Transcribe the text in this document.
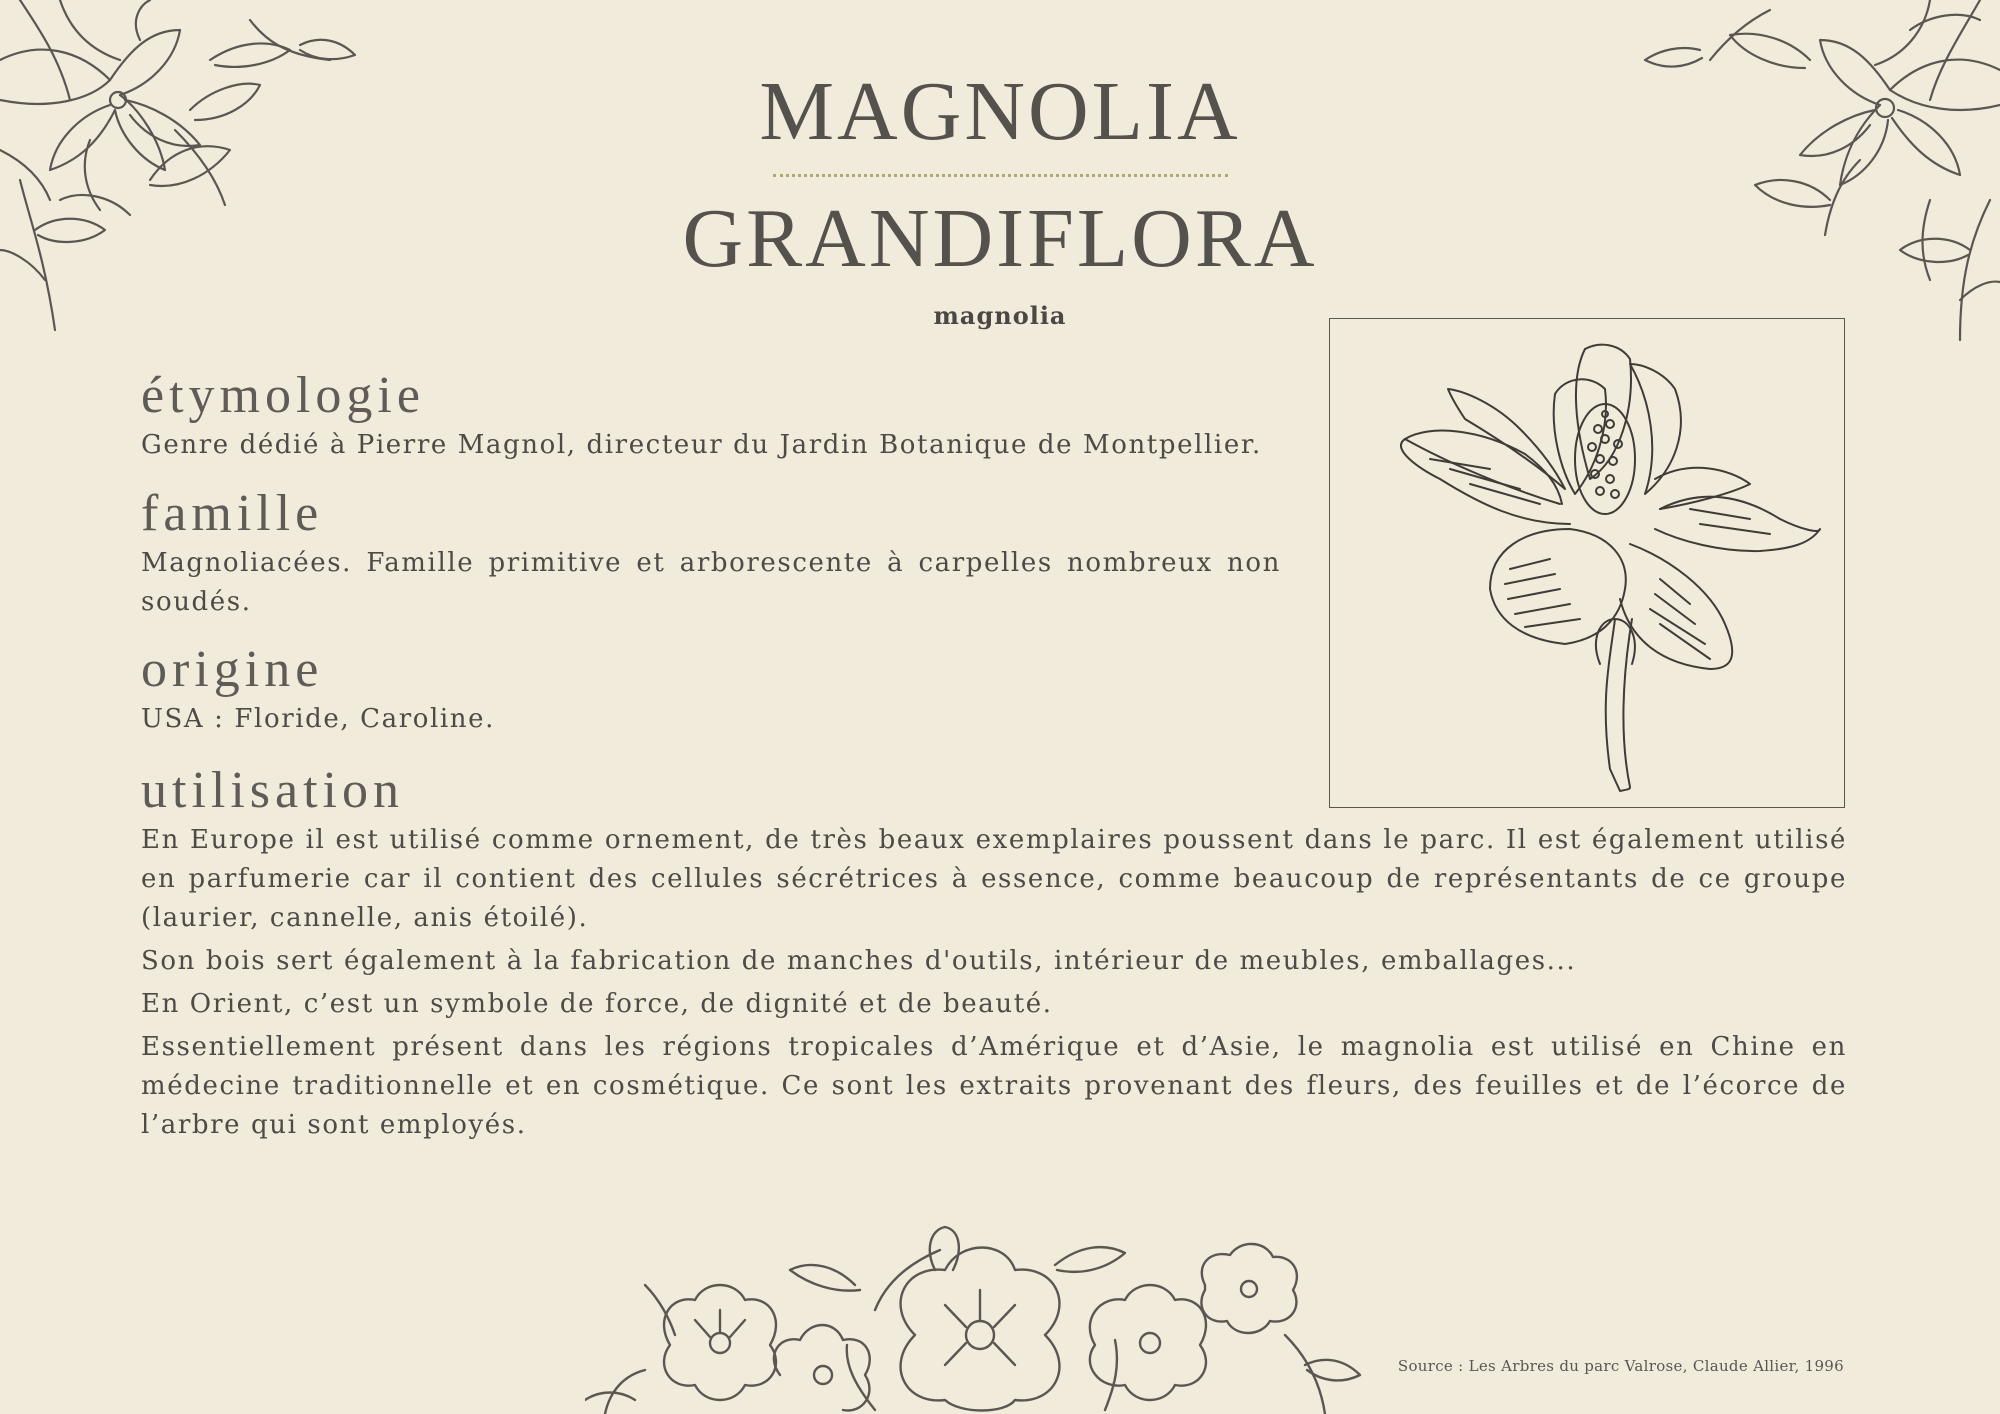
MAGNOLIA
GRANDIFLORA
magnolia
étymologie

Genre dédié à Pierre Magnol, directeur du Jardin Botanique de Montpellier.

famille

Magnoliacées. Famille primitive et arborescente à carpelles nombreux non soudés.

origine

USA : Floride, Caroline.

utilisation

En Europe il est utilisé comme ornement, de très beaux exemplaires poussent dans le parc. Il est également utilisé en parfumerie car il contient des cellules sécrétrices à essence, comme beaucoup de représentants de ce groupe (laurier, cannelle, anis étoilé).

Son bois sert également à la fabrication de manches d'outils, intérieur de meubles, emballages...

En Orient, c’est un symbole de force, de dignité et de beauté.

Essentiellement présent dans les régions tropicales d’Amérique et d’Asie, le magnolia est utilisé en Chine en médecine traditionnelle et en cosmétique. Ce sont les extraits provenant des fleurs, des feuilles et de l’écorce de l’arbre qui sont employés.

Source : Les Arbres du parc Valrose, Claude Allier, 1996
